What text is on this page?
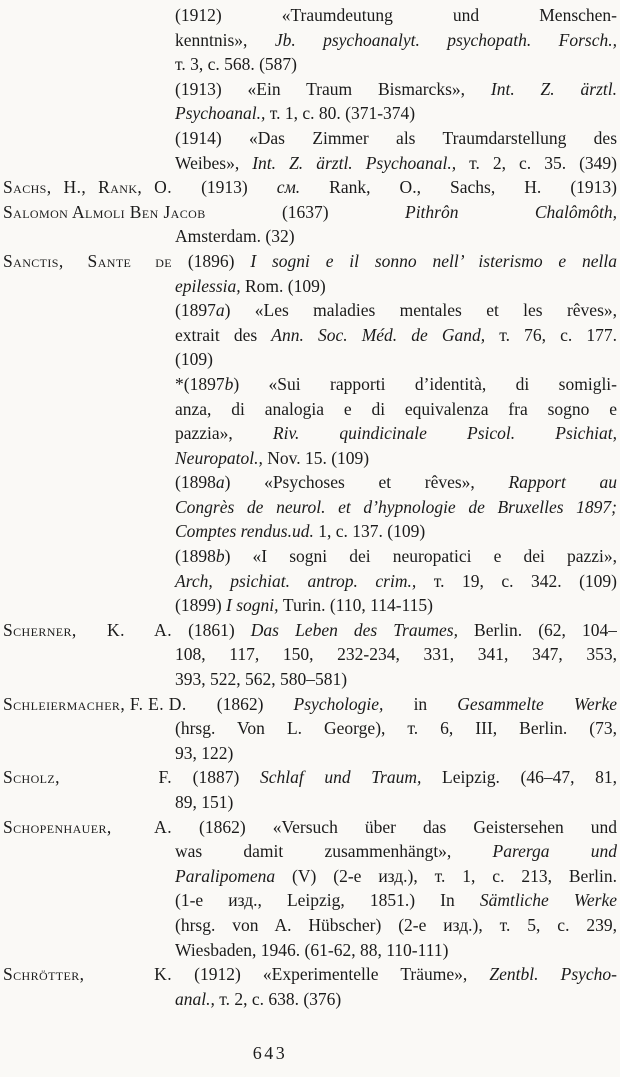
(1912) «Traumdeutung und Menschen-
kenntnis», Jb. psychoanalyt. psychopath. Forsch.,
т. 3, с. 568. (587)
(1913) «Ein Traum Bismarcks», Int. Z. ärztl.
Psychoanal., т. 1, с. 80. (371-374)
(1914) «Das Zimmer als Traumdarstellung des
Weibes», Int. Z. ärztl. Psychoanal., т. 2, с. 35. (349)
Sachs, H., Rank, O. (1913) см. Rank, O., Sachs, H. (1913)
Salomon Almoli Ben Jacob (1637) Pithrôn Chalômôth,
Amsterdam. (32)
Sanctis, Sante de (1896) I sogni e il sonno nell’ isterismo e nella
epilessia, Rom. (109)
(1897a) «Les maladies mentales et les rêves»,
extrait des Ann. Soc. Méd. de Gand, т. 76, с. 177.
(109)
*(1897b) «Sui rapporti d’identità, di somigli-
anza, di analogia e di equivalenza fra sogno e
pazzia», Riv. quindicinale Psicol. Psichiat,
Neuropatol., Nov. 15. (109)
(1898a) «Psychoses et rêves», Rapport au
Congrès de neurol. et d’hypnologie de Bruxelles 1897;
Comptes rendus.ud. 1, с. 137. (109)
(1898b) «I sogni dei neuropatici e dei pazzi»,
Arch, psichiat. antrop. crim., т. 19, с. 342. (109)
(1899) I sogni, Turin. (110, 114-115)
Scherner, K. A. (1861) Das Leben des Traumes, Berlin. (62, 104–
108, 117, 150, 232-234, 331, 341, 347, 353,
393, 522, 562, 580–581)
Schleiermacher, F. E. D. (1862) Psychologie, in Gesammelte Werke
(hrsg. Von L. George), т. 6, III, Berlin. (73,
93, 122)
Scholz, F. (1887) Schlaf und Traum, Leipzig. (46–47, 81,
89, 151)
Schopenhauer, A. (1862) «Versuch über das Geistersehen und
was damit zusammenhängt», Parerga und
Paralipomena (V) (2-е изд.), т. 1, с. 213, Berlin.
(1-е изд., Leipzig, 1851.) In Sämtliche Werke
(hrsg. von A. Hübscher) (2-е изд.), т. 5, с. 239,
Wiesbaden, 1946. (61-62, 88, 110-111)
Schrötter, K. (1912) «Experimentelle Träume», Zentbl. Psycho-
anal., т. 2, с. 638. (376)
643
